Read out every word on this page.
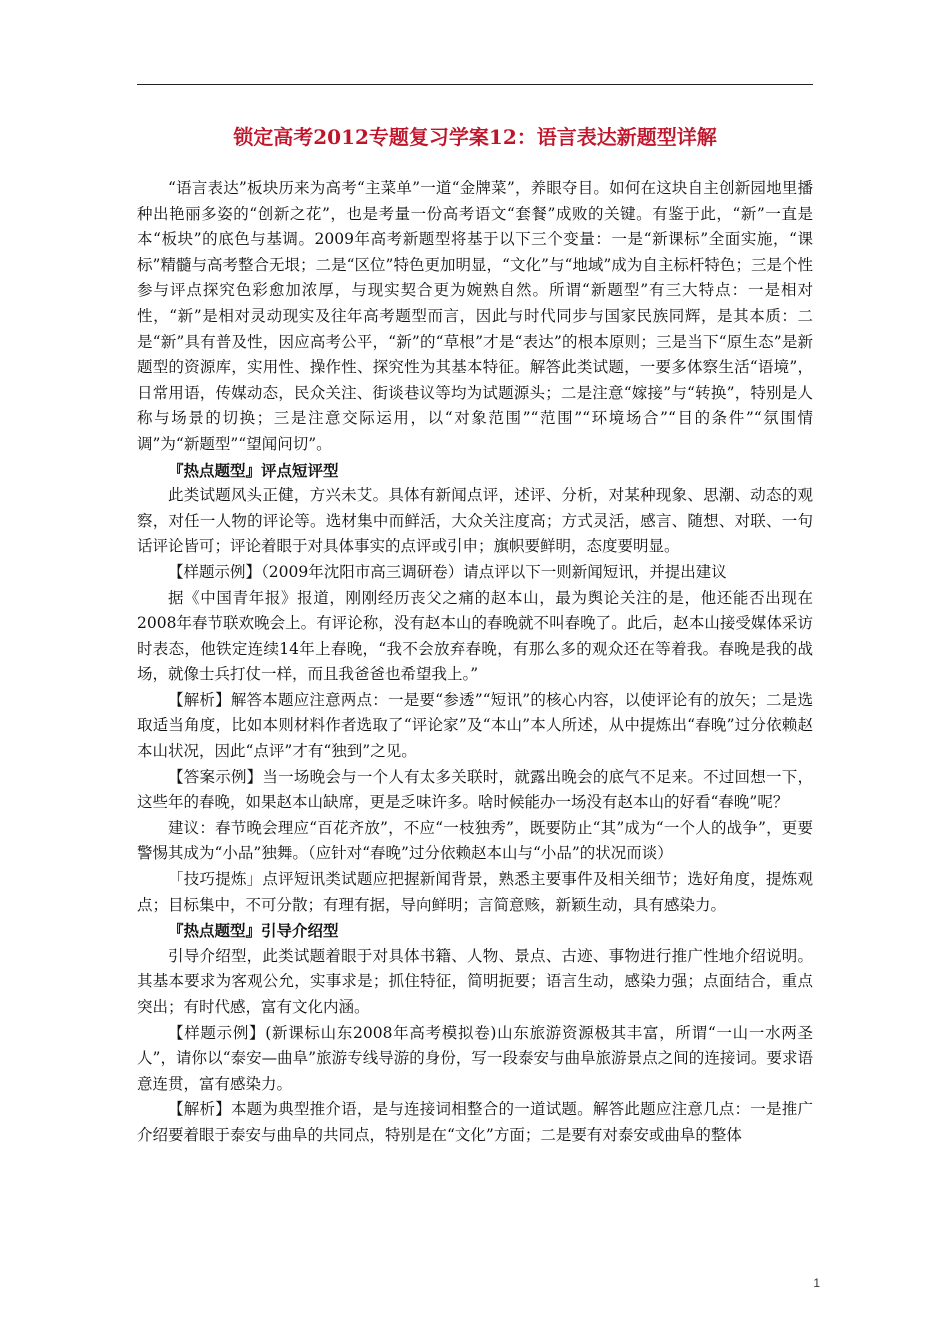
锁定高考2012专题复习学案12：语言表达新题型详解

“语言表达”板块历来为高考“主菜单”一道“金牌菜”，养眼夺目。如何在这块自主创新园地里播种出艳丽多姿的“创新之花”，也是考量一份高考语文“套餐”成败的关键。有鉴于此，“新”一直是本“板块”的底色与基调。2009年高考新题型将基于以下三个变量：一是“新课标”全面实施，“课标”精髓与高考整合无垠；二是“区位”特色更加明显，“文化”与“地域”成为自主标杆特色；三是个性参与评点探究色彩愈加浓厚，与现实契合更为婉熟自然。所谓“新题型”有三大特点：一是相对性，“新”是相对灵动现实及往年高考题型而言，因此与时代同步与国家民族同辉，是其本质：二是“新”具有普及性，因应高考公平，“新”的“草根”才是“表达”的根本原则；三是当下“原生态”是新题型的资源库，实用性、操作性、探究性为其基本特征。解答此类试题，一要多体察生活“语境”，日常用语，传媒动态，民众关注、街谈巷议等均为试题源头；二是注意“嫁接”与“转换”，特别是人称与场景的切换；三是注意交际运用，以“对象范围”“范围”“环境场合”“目的条件”“氛围情调”为“新题型”“望闻问切”。

『热点题型』评点短评型

此类试题风头正健，方兴未艾。具体有新闻点评，述评、分析，对某种现象、思潮、动态的观察，对任一人物的评论等。选材集中而鲜活，大众关注度高；方式灵活，感言、随想、对联、一句话评论皆可；评论着眼于对具体事实的点评或引申；旗帜要鲜明，态度要明显。

【样题示例】（2009年沈阳市高三调研卷）请点评以下一则新闻短讯，并提出建议

据《中国青年报》报道，刚刚经历丧父之痛的赵本山，最为舆论关注的是，他还能否出现在2008年春节联欢晚会上。有评论称，没有赵本山的春晚就不叫春晚了。此后，赵本山接受媒体采访时表态，他铁定连续14年上春晚，“我不会放弃春晚，有那么多的观众还在等着我。春晚是我的战场，就像士兵打仗一样，而且我爸爸也希望我上。”

【解析】解答本题应注意两点：一是要“参透”“短讯”的核心内容，以使评论有的放矢；二是选取适当角度，比如本则材料作者选取了“评论家”及“本山”本人所述，从中提炼出“春晚”过分依赖赵本山状况，因此“点评”才有“独到”之见。

【答案示例】当一场晚会与一个人有太多关联时，就露出晚会的底气不足来。不过回想一下，这些年的春晚，如果赵本山缺席，更是乏味许多。啥时候能办一场没有赵本山的好看“春晚”呢？

建议：春节晚会理应“百花齐放”，不应“一枝独秀”，既要防止“其”成为“一个人的战争”，更要警惕其成为“小品”独舞。（应针对“春晚”过分依赖赵本山与“小品”的状况而谈）

「技巧提炼」点评短讯类试题应把握新闻背景，熟悉主要事件及相关细节；选好角度，提炼观点；目标集中，不可分散；有理有据，导向鲜明；言简意赅，新颖生动，具有感染力。

『热点题型』引导介绍型

引导介绍型，此类试题着眼于对具体书籍、人物、景点、古迹、事物进行推广性地介绍说明。其基本要求为客观公允，实事求是；抓住特征，简明扼要；语言生动，感染力强；点面结合，重点突出；有时代感，富有文化内涵。

【样题示例】(新课标山东2008年高考模拟卷)山东旅游资源极其丰富，所谓“一山一水两圣人”，请你以“泰安—曲阜”旅游专线导游的身份，写一段泰安与曲阜旅游景点之间的连接词。要求语意连贯，富有感染力。

【解析】本题为典型推介语，是与连接词相整合的一道试题。解答此题应注意几点：一是推广介绍要着眼于泰安与曲阜的共同点，特别是在“文化”方面；二是要有对泰安或曲阜的整体

1
